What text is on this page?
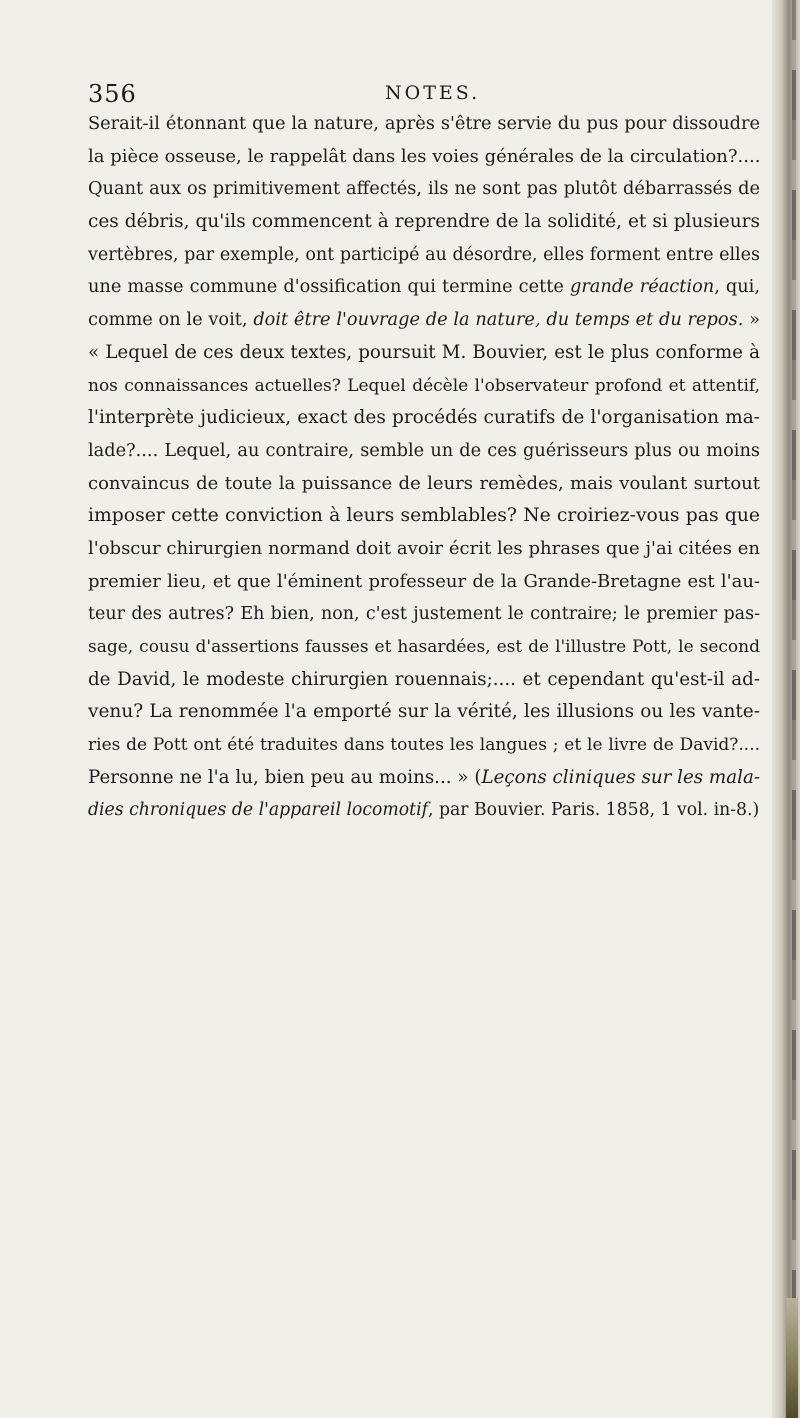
356	NOTES.
Serait-il étonnant que la nature, après s'être servie du pus pour dissoudre
la pièce osseuse, le rappelât dans les voies générales de la circulation?....
Quant aux os primitivement affectés, ils ne sont pas plutôt débarrassés de
ces débris, qu'ils commencent à reprendre de la solidité, et si plusieurs
vertèbres, par exemple, ont participé au désordre, elles forment entre elles
une masse commune d'ossification qui termine cette grande réaction, qui,
comme on le voit, doit être l'ouvrage de la nature, du temps et du repos. »
« Lequel de ces deux textes, poursuit M. Bouvier, est le plus conforme à
nos connaissances actuelles? Lequel décèle l'observateur profond et attentif,
l'interprète judicieux, exact des procédés curatifs de l'organisation ma-
lade?.... Lequel, au contraire, semble un de ces guérisseurs plus ou moins
convaincus de toute la puissance de leurs remèdes, mais voulant surtout
imposer cette conviction à leurs semblables? Ne croiriez-vous pas que
l'obscur chirurgien normand doit avoir écrit les phrases que j'ai citées en
premier lieu, et que l'éminent professeur de la Grande-Bretagne est l'au-
teur des autres? Eh bien, non, c'est justement le contraire; le premier pas-
sage, cousu d'assertions fausses et hasardées, est de l'illustre Pott, le second
de David, le modeste chirurgien rouennais;.... et cependant qu'est-il ad-
venu? La renommée l'a emporté sur la vérité, les illusions ou les vante-
ries de Pott ont été traduites dans toutes les langues ; et le livre de David?....
Personne ne l'a lu, bien peu au moins... » (Leçons cliniques sur les mala-
dies chroniques de l'appareil locomotif, par Bouvier. Paris. 1858, 1 vol. in-8.)
